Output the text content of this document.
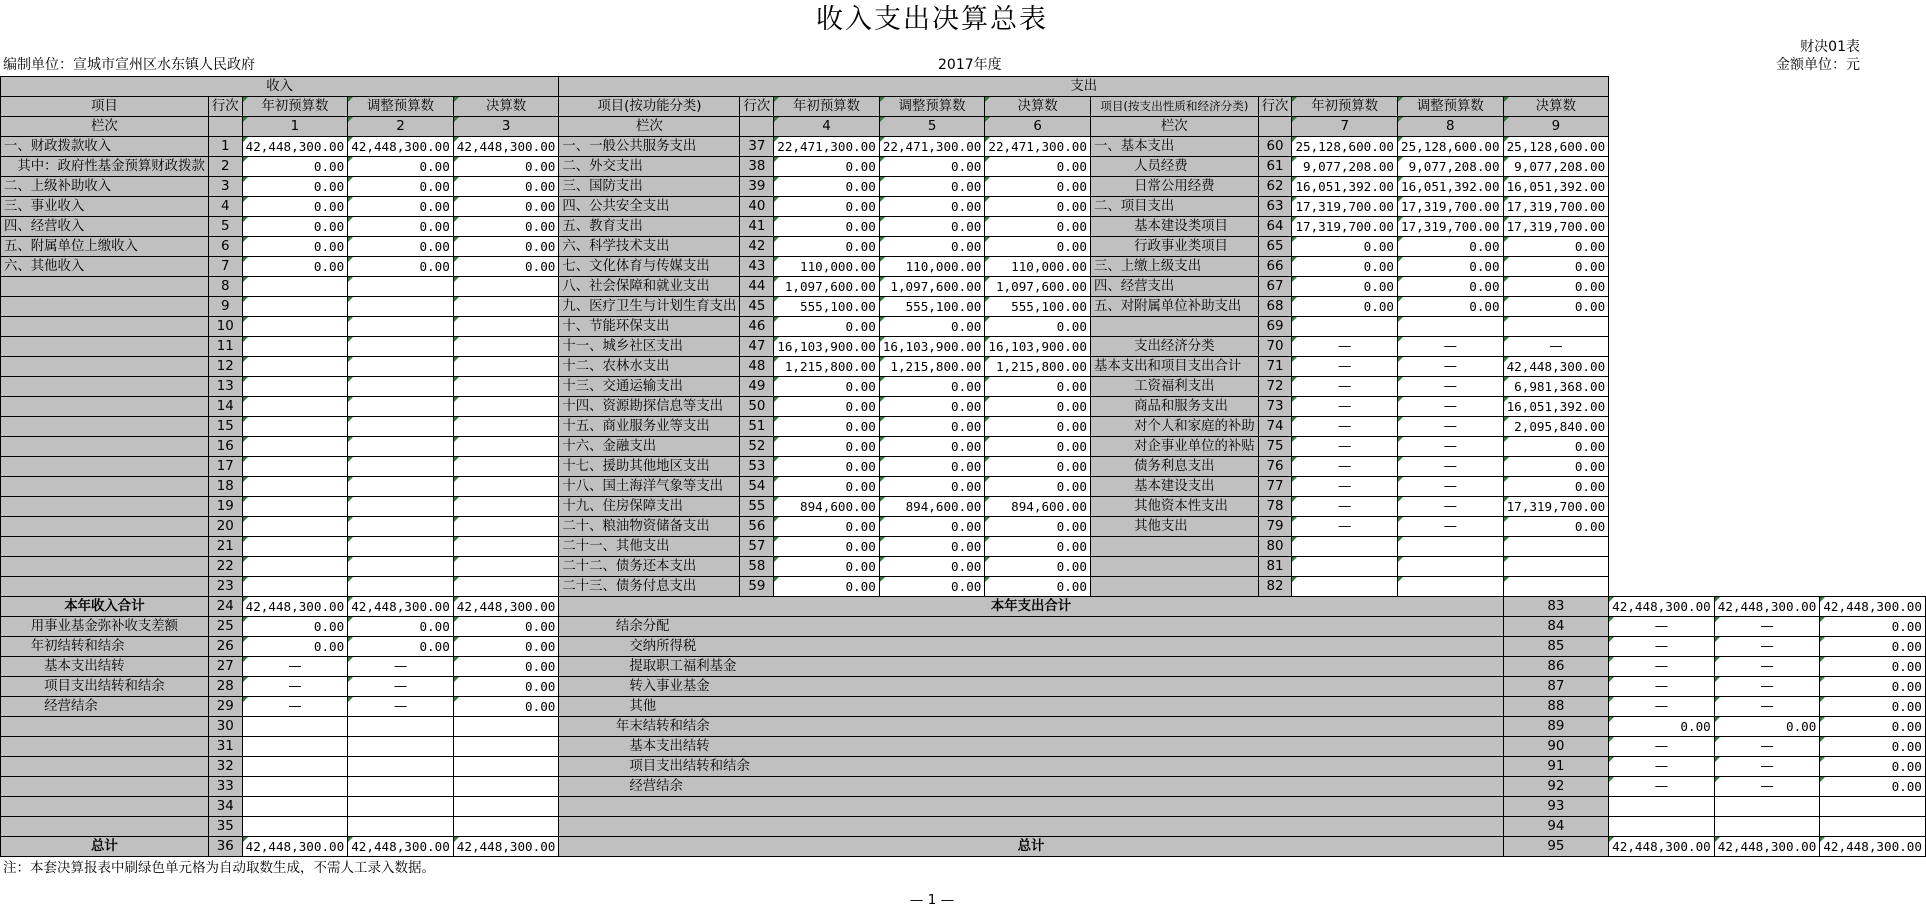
收入支出决算总表
财决01表
编制单位：宣城市宣州区水东镇人民政府	2017年度	金额单位：元
收入					支出												
项目	行次	年初预算数	调整预算数	决算数	项目(按功能分类)	行次	年初预算数	调整预算数	决算数	项目(按支出性质和经济分类)	行次	年初预算数	调整预算数	决算数			
栏次		1	2	3	栏次		4	5	6	栏次		7	8	9			
一、财政拨款收入	1	42,448,300.00	42,448,300.00	42,448,300.00	一、一般公共服务支出	37	22,471,300.00	22,471,300.00	22,471,300.00	一、基本支出	60	25,128,600.00	25,128,600.00	25,128,600.00			
　其中：政府性基金预算财政拨款	2	0.00	0.00	0.00	二、外交支出	38	0.00	0.00	0.00	　　　人员经费	61	9,077,208.00	9,077,208.00	9,077,208.00			
二、上级补助收入	3	0.00	0.00	0.00	三、国防支出	39	0.00	0.00	0.00	　　　日常公用经费	62	16,051,392.00	16,051,392.00	16,051,392.00			
三、事业收入	4	0.00	0.00	0.00	四、公共安全支出	40	0.00	0.00	0.00	二、项目支出	63	17,319,700.00	17,319,700.00	17,319,700.00			
四、经营收入	5	0.00	0.00	0.00	五、教育支出	41	0.00	0.00	0.00	　　　基本建设类项目	64	17,319,700.00	17,319,700.00	17,319,700.00			
五、附属单位上缴收入	6	0.00	0.00	0.00	六、科学技术支出	42	0.00	0.00	0.00	　　　行政事业类项目	65	0.00	0.00	0.00			
六、其他收入	7	0.00	0.00	0.00	七、文化体育与传媒支出	43	110,000.00	110,000.00	110,000.00	三、上缴上级支出	66	0.00	0.00	0.00			
	8				八、社会保障和就业支出	44	1,097,600.00	1,097,600.00	1,097,600.00	四、经营支出	67	0.00	0.00	0.00			
	9				九、医疗卫生与计划生育支出	45	555,100.00	555,100.00	555,100.00	五、对附属单位补助支出	68	0.00	0.00	0.00			
	10				十、节能环保支出	46	0.00	0.00	0.00		69						
	11				十一、城乡社区支出	47	16,103,900.00	16,103,900.00	16,103,900.00	支出经济分类	70	—	—	—			
	12				十二、农林水支出	48	1,215,800.00	1,215,800.00	1,215,800.00	基本支出和项目支出合计	71	—	—	42,448,300.00			
	13				十三、交通运输支出	49	0.00	0.00	0.00	　　　工资福利支出	72	—	—	6,981,368.00			
	14				十四、资源勘探信息等支出	50	0.00	0.00	0.00	　　　商品和服务支出	73	—	—	16,051,392.00			
	15				十五、商业服务业等支出	51	0.00	0.00	0.00	　　　对个人和家庭的补助	74	—	—	2,095,840.00			
	16				十六、金融支出	52	0.00	0.00	0.00	　　　对企事业单位的补贴	75	—	—	0.00			
	17				十七、援助其他地区支出	53	0.00	0.00	0.00	　　　债务利息支出	76	—	—	0.00			
	18				十八、国土海洋气象等支出	54	0.00	0.00	0.00	　　　基本建设支出	77	—	—	0.00			
	19				十九、住房保障支出	55	894,600.00	894,600.00	894,600.00	　　　其他资本性支出	78	—	—	17,319,700.00			
	20				二十、粮油物资储备支出	56	0.00	0.00	0.00	　　　其他支出	79	—	—	0.00			
	21				二十一、其他支出	57	0.00	0.00	0.00		80						
	22				二十二、债务还本支出	58	0.00	0.00	0.00		81						
	23				二十三、债务付息支出	59	0.00	0.00	0.00		82						
本年收入合计	24	42,448,300.00	42,448,300.00	42,448,300.00	本年支出合计									83	42,448,300.00	42,448,300.00	42,448,300.00
　　用事业基金弥补收支差额	25	0.00	0.00	0.00	　　　　结余分配									84	—	—	0.00
　　年初结转和结余	26	0.00	0.00	0.00	　　　　　交纳所得税									85	—	—	0.00
　　　基本支出结转	27	—	—	0.00	　　　　　提取职工福利基金									86	—	—	0.00
　　　项目支出结转和结余	28	—	—	0.00	　　　　　转入事业基金									87	—	—	0.00
　　　经营结余	29	—	—	0.00	　　　　　其他									88	—	—	0.00
	30				　　　　年末结转和结余									89	0.00	0.00	0.00
	31				　　　　　基本支出结转									90	—	—	0.00
	32				　　　　　项目支出结转和结余									91	—	—	0.00
	33				　　　　　经营结余									92	—	—	0.00
	34													93			
	35													94			
总计	36	42,448,300.00	42,448,300.00	42,448,300.00	总计									95	42,448,300.00	42,448,300.00	42,448,300.00
注：本套决算报表中刷绿色单元格为自动取数生成，不需人工录入数据。
— 1 —
